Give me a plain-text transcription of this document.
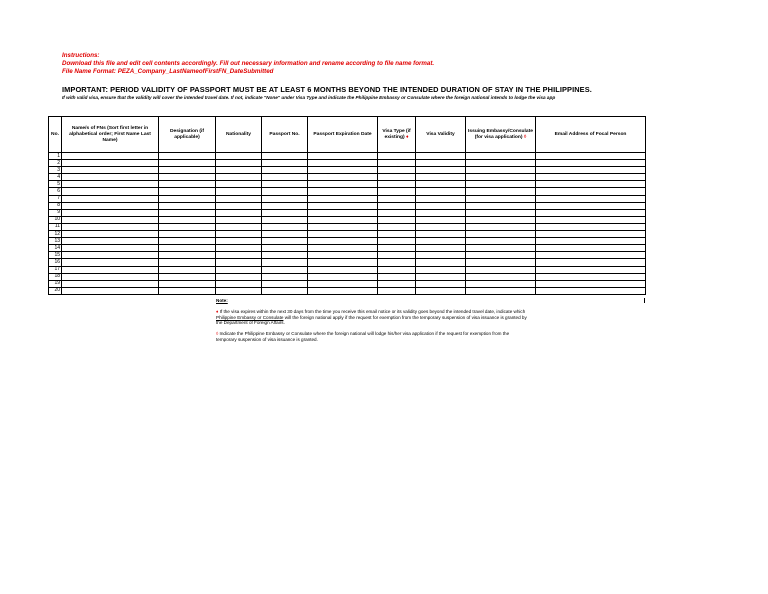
Instructions:
Download this file and edit cell contents accordingly. Fill out necessary information and rename according to file name format.
File Name Format: PEZA_Company_LastNameofFirstFN_DateSubmitted
IMPORTANT: PERIOD VALIDITY OF PASSPORT MUST BE AT LEAST 6 MONTHS BEYOND THE INTENDED DURATION OF STAY IN THE PHILIPPINES.
If with valid visa, ensure that the validity will cover the intended travel date. If not, indicate "None" under Visa Type and indicate the Philippine Embassy or Consulate where the foreign national intends to lodge the visa app
No.	Name/s of FNs (Sort first letter in alphabetical order; First Name Last Name)	Designation (if applicable)	Nationality	Passport No.	Passport Expiration Date	Visa Type (if existing) ♦	Visa Validity	Issuing Embassy/Consulate (for visa application) ◊	Email Address of Focal Person
1									
2									
3									
4									
5									
6									
7									
8									
9									
10									
11									
12									
13									
14									
15									
16									
17									
18									
19									
20									
Note:

♦ If the visa expires within the next 30 days from the time you receive this email notice or its validity goes beyond the intended travel date, indicate which Philippine Embassy or Consulate will the foreign national apply if the request for exemption from the temporary suspension of visa issuance is granted by the Department of Foreign Affairs.

◊ Indicate the Philippine Embassy or Consulate where the foreign national will lodge his/her visa application if the request for exemption from the temporary suspension of visa issuance is granted.
